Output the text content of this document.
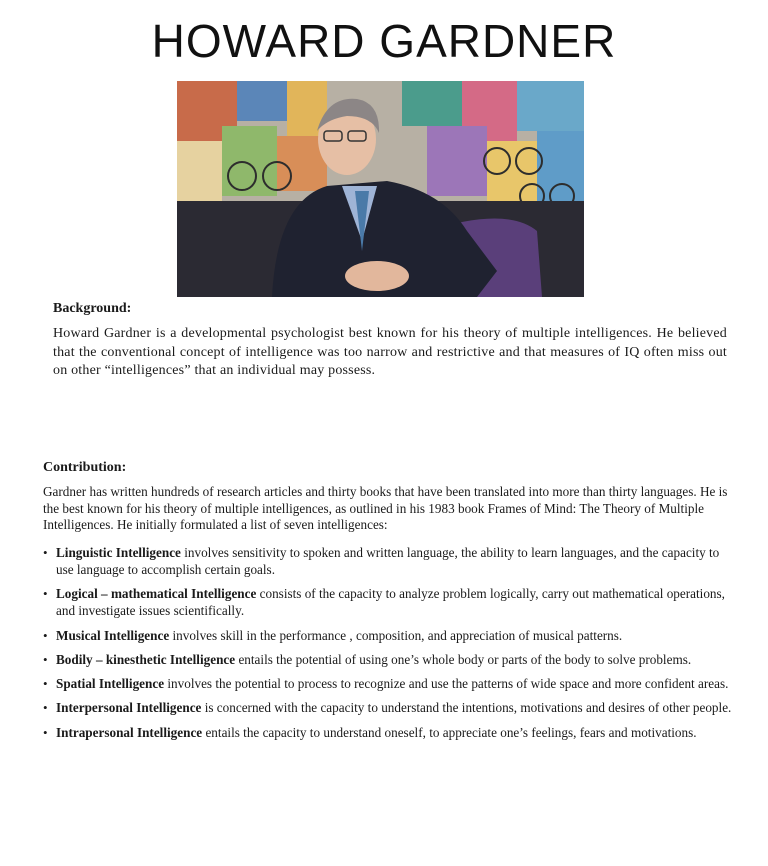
HOWARD GARDNER
Background:
Howard Gardner is a developmental psychologist best known for his theory of multiple intelligences. He believed that the conventional concept of intelligence was too narrow and restrictive and that measures of IQ often miss out on other “intelligences” that an individual may possess.
Contribution:
Gardner has written hundreds of research articles and thirty books that have been translated into more than thirty languages. He is the best known for his theory of multiple intelligences, as outlined in his 1983 book Frames of Mind: The Theory of Multiple Intelligences. He initially formulated a list of seven intelligences:
• Linguistic Intelligence involves sensitivity to spoken and written language, the ability to learn languages, and the capacity to use language to accomplish certain goals.
• Logical – mathematical Intelligence consists of the capacity to analyze problem logically, carry out mathematical operations, and investigate issues scientifically.
• Musical Intelligence involves skill in the performance , composition, and appreciation of musical patterns.
• Bodily – kinesthetic Intelligence entails the potential of using one’s whole body or parts of the body to solve problems.
• Spatial Intelligence involves the potential to process to recognize and use the patterns of wide space and more confident areas.
• Interpersonal Intelligence is concerned with the capacity to understand the intentions, motivations and desires of other people.
• Intrapersonal Intelligence entails the capacity to understand oneself, to appreciate one’s feelings, fears and motivations.
